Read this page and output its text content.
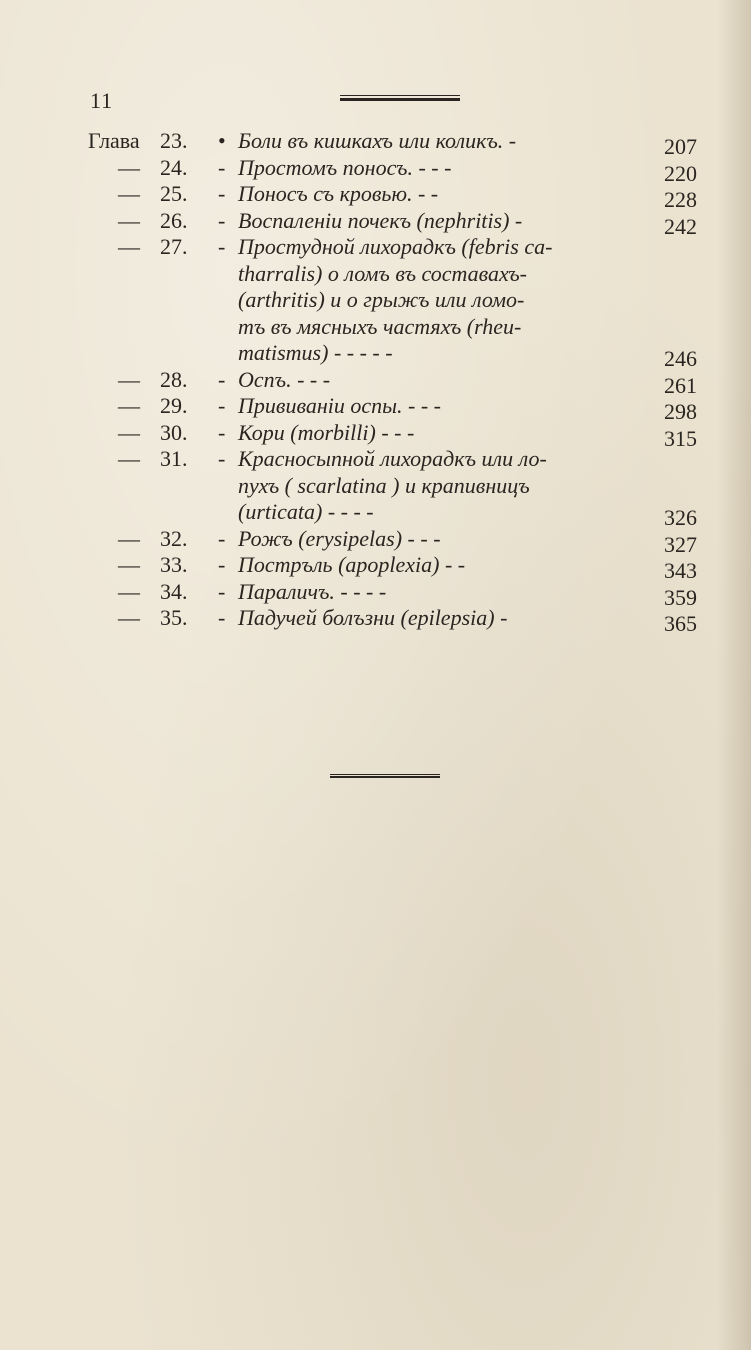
11
Глава 23. • Боли въ кишкахъ или коликъ. -	207
— 24. - Простомъ поносъ. - - -	220
— 25. - Поносъ съ кровью. - -	228
— 26. - Воспаленіи почекъ (nephritis) -	242
— 27. - Простудной лихорадкъ (febris ca-
tharralis) о ломъ въ составахъ-
(arthritis) и о грыжъ или ломо-
тъ въ мясныхъ частяхъ (rheu-
matismus) - - - - -	246
— 28. - Оспъ. - - -	261
— 29. - Прививаніи оспы. - - -	298
— 30. - Кори (morbilli) - - -	315
— 31. - Красносыпной лихорадкъ или ло-
пухъ ( scarlatina ) и крапивницъ
(urticata) - - - -	326
— 32. - Рожъ (erysipelas) - - -	327
— 33. - Постръль (apoplexia) - -	343
— 34. - Параличъ. - - - -	359
— 35. - Падучей болъзни (epilepsia) -	365
